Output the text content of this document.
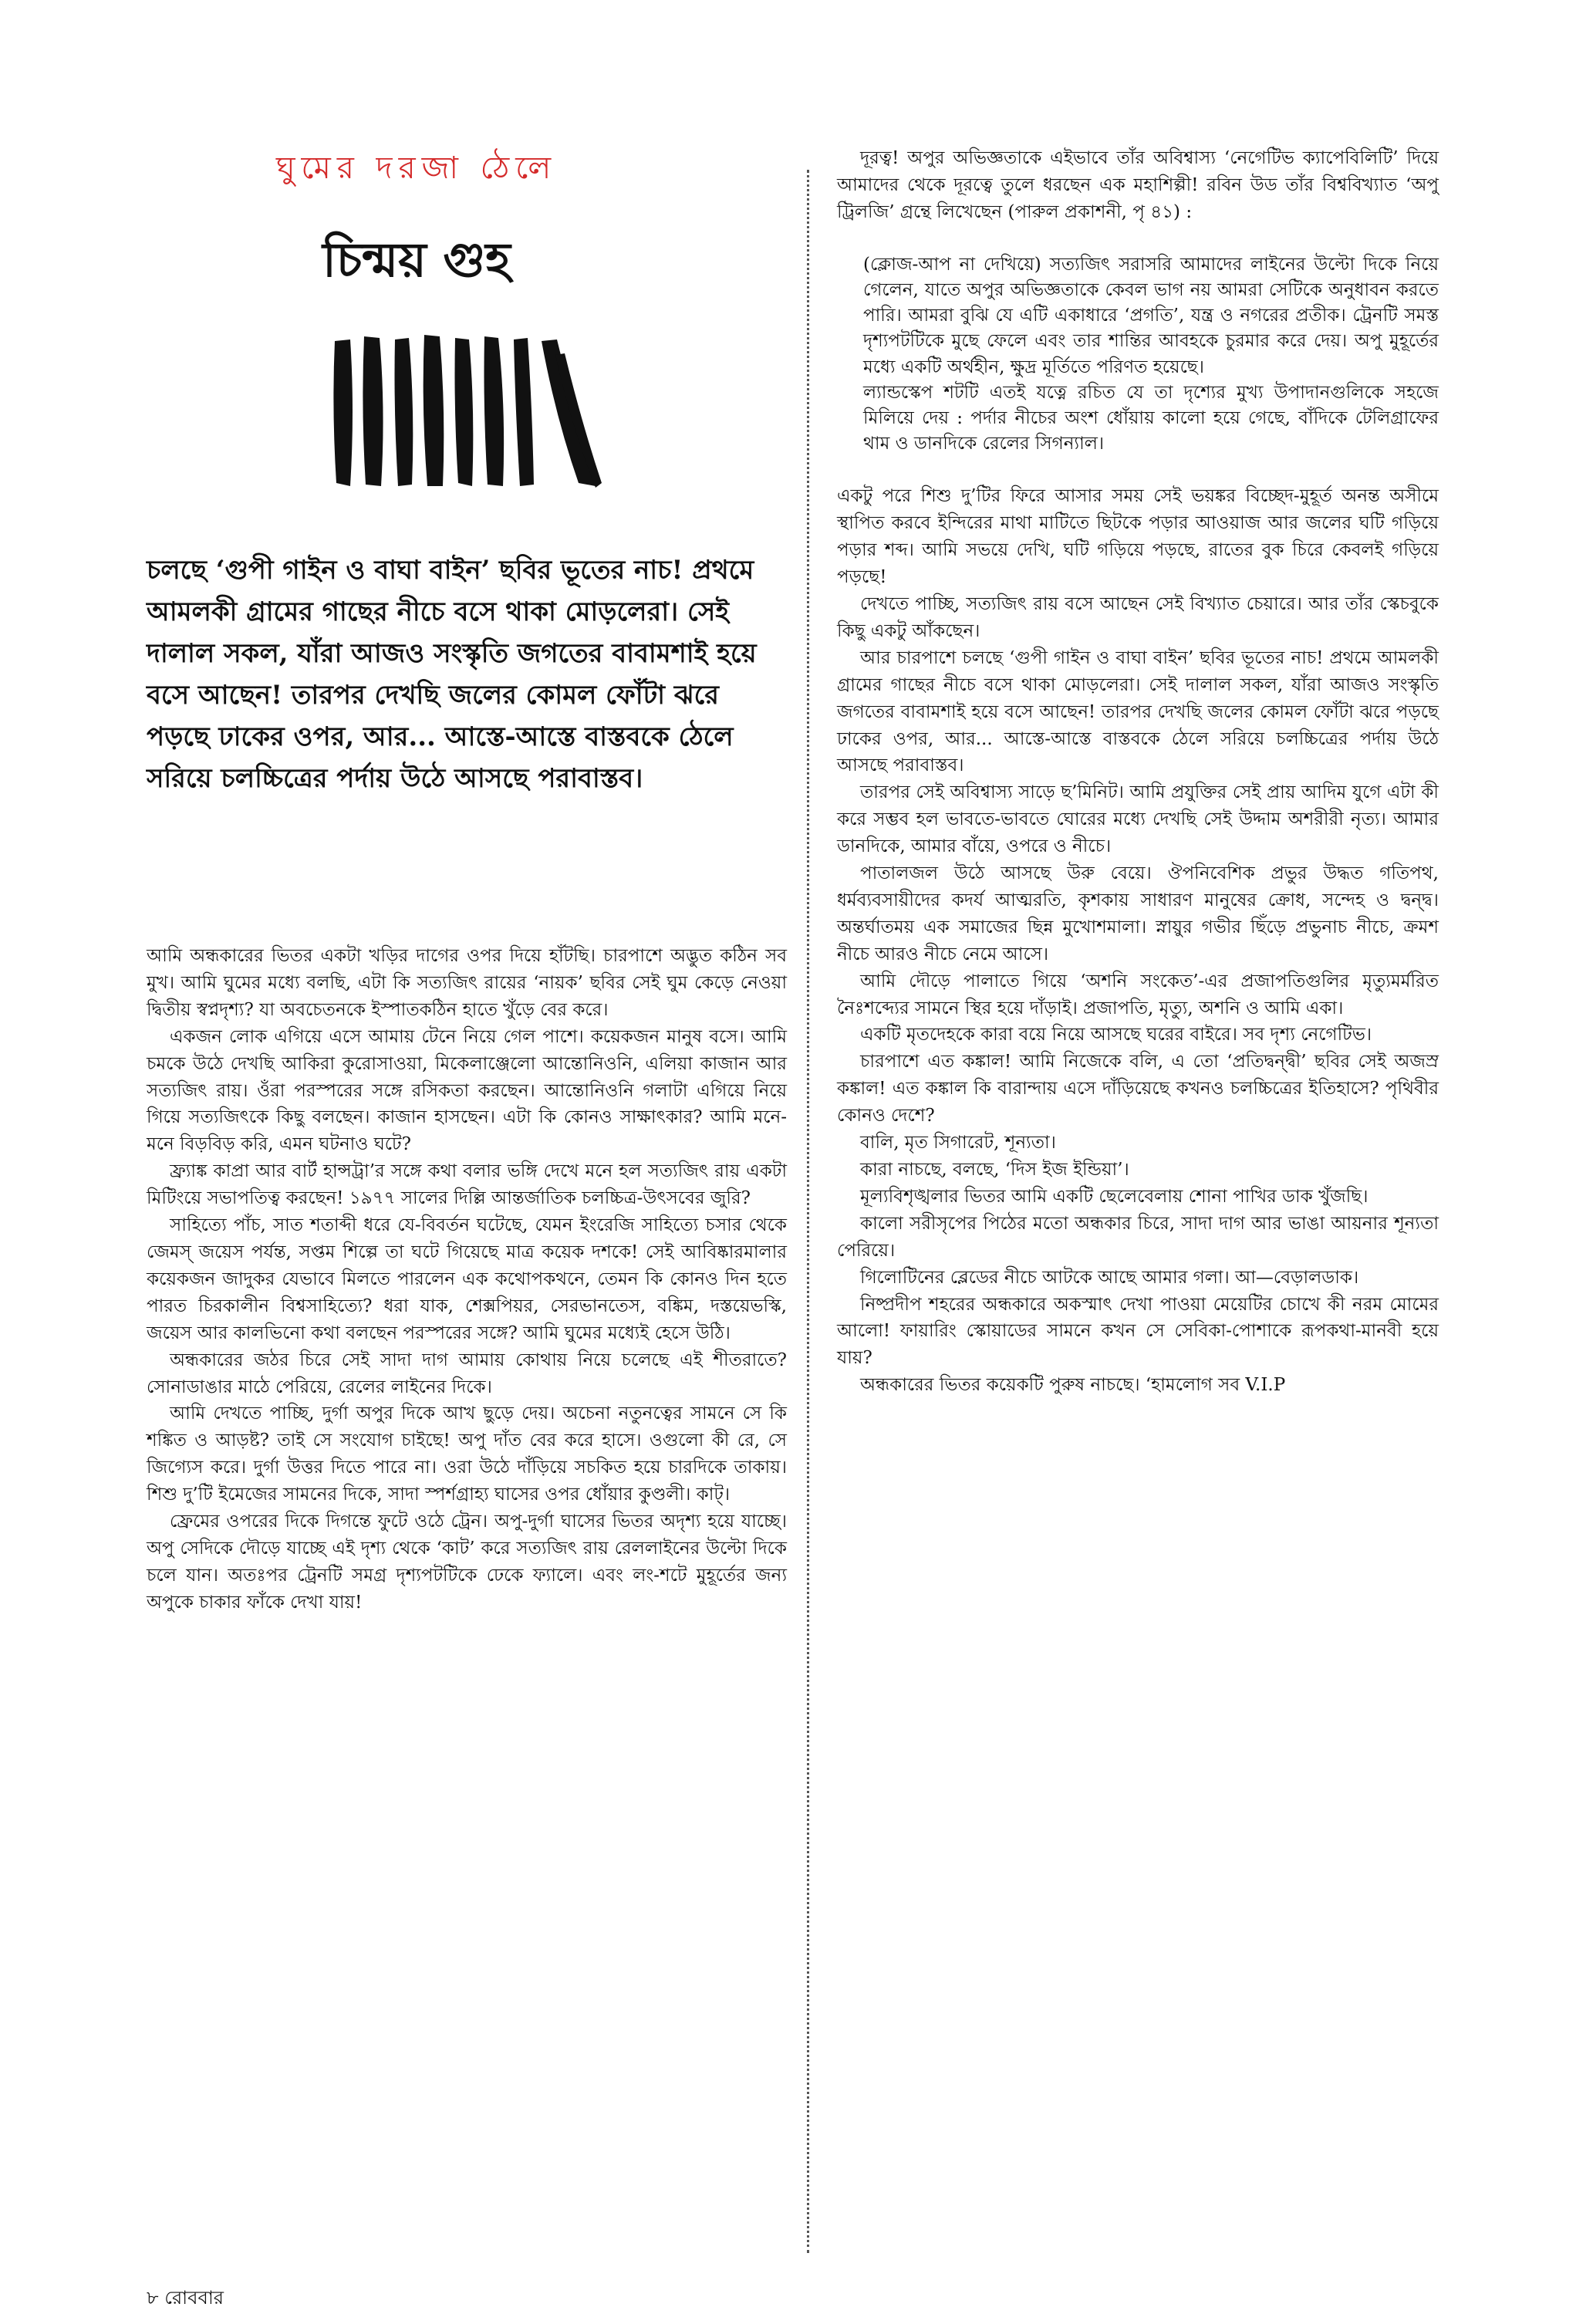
ঘুমের দরজা ঠেলে
চিন্ময় গুহ

চলছে ‘গুপী গাইন ও বাঘা বাইন’ ছবির ভূতের নাচ! প্রথমে আমলকী গ্রামের গাছের নীচে বসে থাকা মোড়লেরা। সেই দালাল সকল, যাঁরা আজও সংস্কৃতি জগতের বাবামশাই হয়ে বসে আছেন! তারপর দেখছি জলের কোমল ফোঁটা ঝরে পড়ছে ঢাকের ওপর, আর... আস্তে-আস্তে বাস্তবকে ঠেলে সরিয়ে চলচ্চিত্রের পর্দায় উঠে আসছে পরাবাস্তব।

আমি অন্ধকারের ভিতর একটা খড়ির দাগের ওপর দিয়ে হাঁটছি। চারপাশে অদ্ভুত কঠিন সব মুখ। আমি ঘুমের মধ্যে বলছি, এটা কি সত্যজিৎ রায়ের ‘নায়ক’ ছবির সেই ঘুম কেড়ে নেওয়া দ্বিতীয় স্বপ্নদৃশ্য? যা অবচেতনকে ইস্পাতকঠিন হাতে খুঁড়ে বের করে।

একজন লোক এগিয়ে এসে আমায় টেনে নিয়ে গেল পাশে। কয়েকজন মানুষ বসে। আমি চমকে উঠে দেখছি আকিরা কুরোসাওয়া, মিকেলাঞ্জেলো আন্তোনিওনি, এলিয়া কাজান আর সত্যজিৎ রায়। ওঁরা পরস্পরের সঙ্গে রসিকতা করছেন। আন্তোনিওনি গলাটা এগিয়ে নিয়ে গিয়ে সত্যজিৎকে কিছু বলছেন। কাজান হাসছেন। এটা কি কোনও সাক্ষাৎকার? আমি মনে-মনে বিড়বিড় করি, এমন ঘটনাও ঘটে?

ফ্র্যাঙ্ক কাপ্রা আর বার্ট হান্সট্রা’র সঙ্গে কথা বলার ভঙ্গি দেখে মনে হল সত্যজিৎ রায় একটা মিটিংয়ে সভাপতিত্ব করছেন! ১৯৭৭ সালের দিল্লি আন্তর্জাতিক চলচ্চিত্র-উৎসবের জুরি?

সাহিত্যে পাঁচ, সাত শতাব্দী ধরে যে-বিবর্তন ঘটেছে, যেমন ইংরেজি সাহিত্যে চসার থেকে জেমস্ জয়েস পর্যন্ত, সপ্তম শিল্পে তা ঘটে গিয়েছে মাত্র কয়েক দশকে! সেই আবিষ্কারমালার কয়েকজন জাদুকর যেভাবে মিলতে পারলেন এক কথোপকথনে, তেমন কি কোনও দিন হতে পারত চিরকালীন বিশ্বসাহিত্যে? ধরা যাক, শেক্সপিয়র, সেরভানতেস, বঙ্কিম, দস্তয়েভস্কি, জয়েস আর কালভিনো কথা বলছেন পরস্পরের সঙ্গে? আমি ঘুমের মধ্যেই হেসে উঠি।

অন্ধকারের জঠর চিরে সেই সাদা দাগ আমায় কোথায় নিয়ে চলেছে এই শীতরাতে? সোনাডাঙার মাঠে পেরিয়ে, রেলের লাইনের দিকে।

আমি দেখতে পাচ্ছি, দুর্গা অপুর দিকে আখ ছুড়ে দেয়। অচেনা নতুনত্বের সামনে সে কি শঙ্কিত ও আড়ষ্ট? তাই সে সংযোগ চাইছে! অপু দাঁত বের করে হাসে। ওগুলো কী রে, সে জিগ্যেস করে। দুর্গা উত্তর দিতে পারে না। ওরা উঠে দাঁড়িয়ে সচকিত হয়ে চারদিকে তাকায়। শিশু দু’টি ইমেজের সামনের দিকে, সাদা স্পর্শগ্রাহ্য ঘাসের ওপর ধোঁয়ার কুণ্ডলী। কাট্।

ফ্রেমের ওপরের দিকে দিগন্তে ফুটে ওঠে ট্রেন। অপু-দুর্গা ঘাসের ভিতর অদৃশ্য হয়ে যাচ্ছে। অপু সেদিকে দৌড়ে যাচ্ছে এই দৃশ্য থেকে ‘কাট’ করে সত্যজিৎ রায় রেললাইনের উল্টো দিকে চলে যান। অতঃপর ট্রেনটি সমগ্র দৃশ্যপটটিকে ঢেকে ফ্যালে। এবং লং-শটে মুহূর্তের জন্য অপুকে চাকার ফাঁকে দেখা যায়!

দূরত্ব! অপুর অভিজ্ঞতাকে এইভাবে তাঁর অবিশ্বাস্য ‘নেগেটিভ ক্যাপেবিলিটি’ দিয়ে আমাদের থেকে দূরত্বে তুলে ধরছেন এক মহাশিল্পী! রবিন উড তাঁর বিশ্ববিখ্যাত ‘অপু ট্রিলজি’ গ্রন্থে লিখেছেন (পারুল প্রকাশনী, পৃ ৪১) :

(ক্লোজ-আপ না দেখিয়ে) সত্যজিৎ সরাসরি আমাদের লাইনের উল্টো দিকে নিয়ে গেলেন, যাতে অপুর অভিজ্ঞতাকে কেবল ভাগ নয় আমরা সেটিকে অনুধাবন করতে পারি। আমরা বুঝি যে এটি একাধারে ‘প্রগতি’, যন্ত্র ও নগরের প্রতীক। ট্রেনটি সমস্ত দৃশ্যপটটিকে মুছে ফেলে এবং তার শান্তির আবহকে চুরমার করে দেয়। অপু মুহূর্তের মধ্যে একটি অর্থহীন, ক্ষুদ্র মূর্তিতে পরিণত হয়েছে।

ল্যান্ডস্কেপ শটটি এতই যত্নে রচিত যে তা দৃশ্যের মুখ্য উপাদানগুলিকে সহজে মিলিয়ে দেয় : পর্দার নীচের অংশ ধোঁয়ায় কালো হয়ে গেছে, বাঁদিকে টেলিগ্রাফের থাম ও ডানদিকে রেলের সিগন্যাল।

একটু পরে শিশু দু’টির ফিরে আসার সময় সেই ভয়ঙ্কর বিচ্ছেদ-মুহূর্ত অনন্ত অসীমে স্থাপিত করবে ইন্দিরের মাথা মাটিতে ছিটকে পড়ার আওয়াজ আর জলের ঘটি গড়িয়ে পড়ার শব্দ। আমি সভয়ে দেখি, ঘটি গড়িয়ে পড়ছে, রাতের বুক চিরে কেবলই গড়িয়ে পড়ছে!

দেখতে পাচ্ছি, সত্যজিৎ রায় বসে আছেন সেই বিখ্যাত চেয়ারে। আর তাঁর স্কেচবুকে কিছু একটু আঁকছেন।

আর চারপাশে চলছে ‘গুপী গাইন ও বাঘা বাইন’ ছবির ভূতের নাচ! প্রথমে আমলকী গ্রামের গাছের নীচে বসে থাকা মোড়লেরা। সেই দালাল সকল, যাঁরা আজও সংস্কৃতি জগতের বাবামশাই হয়ে বসে আছেন! তারপর দেখছি জলের কোমল ফোঁটা ঝরে পড়ছে ঢাকের ওপর, আর... আস্তে-আস্তে বাস্তবকে ঠেলে সরিয়ে চলচ্চিত্রের পর্দায় উঠে আসছে পরাবাস্তব।

তারপর সেই অবিশ্বাস্য সাড়ে ছ’মিনিট। আমি প্রযুক্তির সেই প্রায় আদিম যুগে এটা কী করে সম্ভব হল ভাবতে-ভাবতে ঘোরের মধ্যে দেখছি সেই উদ্দাম অশরীরী নৃত্য। আমার ডানদিকে, আমার বাঁয়ে, ওপরে ও নীচে।

পাতালজল উঠে আসছে উরু বেয়ে। ঔপনিবেশিক প্রভুর উদ্ধত গতিপথ, ধর্মব্যবসায়ীদের কদর্য আত্মরতি, কৃশকায় সাধারণ মানুষের ক্রোধ, সন্দেহ ও দ্বন্দ্ব। অন্তর্ঘাতময় এক সমাজের ছিন্ন মুখোশমালা। স্নায়ুর গভীর ছিঁড়ে প্রভুনাচ নীচে, ক্রমশ নীচে আরও নীচে নেমে আসে।

আমি দৌড়ে পালাতে গিয়ে ‘অশনি সংকেত’-এর প্রজাপতিগুলির মৃত্যুমর্মরিত নৈঃশব্দ্যের সামনে স্থির হয়ে দাঁড়াই। প্রজাপতি, মৃত্যু, অশনি ও আমি একা।

একটি মৃতদেহকে কারা বয়ে নিয়ে আসছে ঘরের বাইরে। সব দৃশ্য নেগেটিভ।

চারপাশে এত কঙ্কাল! আমি নিজেকে বলি, এ তো ‘প্রতিদ্বন্দ্বী’ ছবির সেই অজস্র কঙ্কাল! এত কঙ্কাল কি বারান্দায় এসে দাঁড়িয়েছে কখনও চলচ্চিত্রের ইতিহাসে? পৃথিবীর কোনও দেশে?

বালি, মৃত সিগারেট, শূন্যতা।

কারা নাচছে, বলছে, ‘দিস ইজ ইন্ডিয়া’।

মূল্যবিশৃঙ্খলার ভিতর আমি একটি ছেলেবেলায় শোনা পাখির ডাক খুঁজছি।

কালো সরীসৃপের পিঠের মতো অন্ধকার চিরে, সাদা দাগ আর ভাঙা আয়নার শূন্যতা পেরিয়ে।

গিলোটিনের ব্লেডের নীচে আটকে আছে আমার গলা। আ—বেড়ালডাক।

নিষ্প্রদীপ শহরের অন্ধকারে অকস্মাৎ দেখা পাওয়া মেয়েটির চোখে কী নরম মোমের আলো! ফায়ারিং স্কোয়াডের সামনে কখন সে সেবিকা-পোশাকে রূপকথা-মানবী হয়ে যায়?

অন্ধকারের ভিতর কয়েকটি পুরুষ নাচছে। ‘হামলোগ সব V.I.P

৮ রোববার
